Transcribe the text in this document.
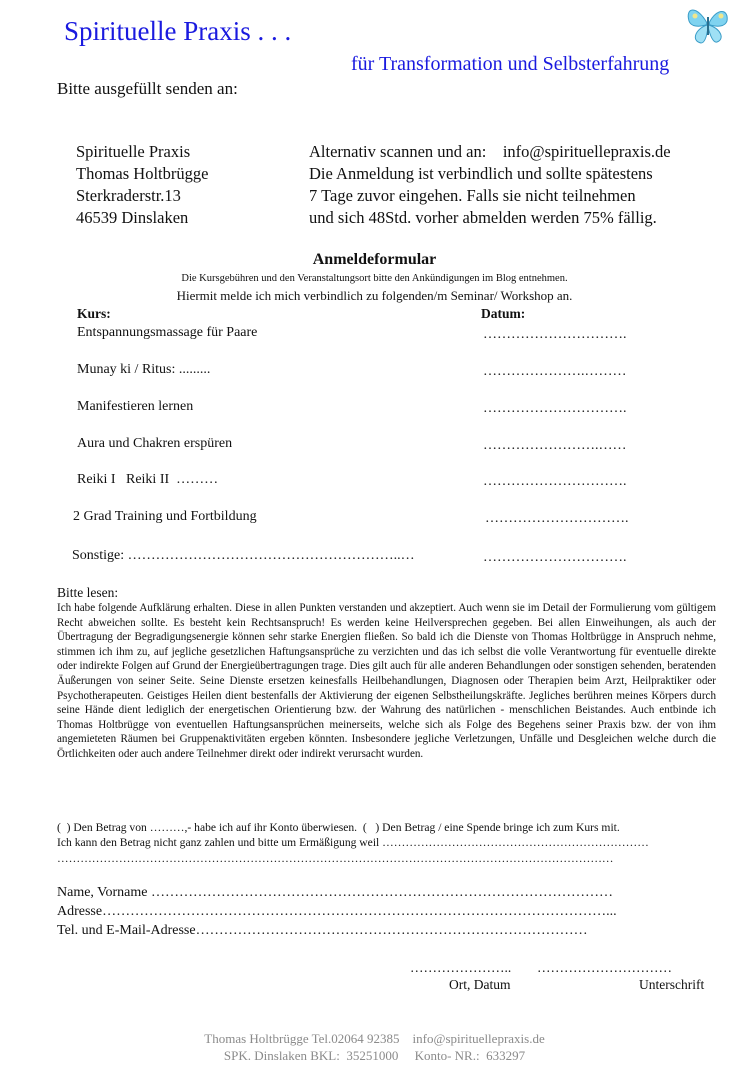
Spirituelle Praxis . . .
für Transformation und Selbsterfahrung
Bitte ausgefüllt senden an:
Spirituelle Praxis
Thomas Holtbrügge
Sterkraderstr.13
46539 Dinslaken
Alternativ scannen und an:    info@spirituellepraxis.de
Die Anmeldung ist verbindlich und sollte spätestens
7 Tage zuvor eingehen. Falls sie nicht teilnehmen
und sich 48Std. vorher abmelden werden 75% fällig.
Anmeldeformular
Die Kursgebühren und den Veranstaltungsort bitte den Ankündigungen im Blog entnehmen.
Hiermit melde ich mich verbindlich zu folgenden/m Seminar/ Workshop an.
Kurs:	Datum:
Entspannungsmassage für Paare	………………………….
Munay ki / Ritus: .........	………………….………
Manifestieren lernen	………………………….
Aura und Chakren erspüren	…………………….……
Reiki I   Reiki II  ………	………………………….
2 Grad Training und Fortbildung	………………………….
Sonstige: …………………………………………………..…	………………………….
Bitte lesen:
Ich habe folgende Aufklärung erhalten. Diese in allen Punkten verstanden und akzeptiert. Auch wenn sie im Detail der Formulierung vom gültigem Recht abweichen sollte. Es besteht kein Rechtsanspruch! Es werden keine Heilversprechen gegeben. Bei allen Einweihungen, als auch der Übertragung der Begradigungsenergie können sehr starke Energien fließen. So bald ich die Dienste von Thomas Holtbrügge in Anspruch nehme, stimmen ich ihm zu, auf jegliche gesetzlichen Haftungsansprüche zu verzichten und das ich selbst die volle Verantwortung für eventuelle direkte oder indirekte Folgen auf Grund der Energieübertragungen trage. Dies gilt auch für alle anderen Behandlungen oder sonstigen sehenden, beratenden Äußerungen von seiner Seite. Seine Dienste ersetzen keinesfalls Heilbehandlungen, Diagnosen oder Therapien beim Arzt, Heilpraktiker oder Psychotherapeuten. Geistiges Heilen dient bestenfalls der Aktivierung der eigenen Selbstheilungskräfte. Jegliches berühren meines Körpers durch seine Hände dient lediglich der energetischen Orientierung bzw. der Wahrung des natürlichen - menschlichen Beistandes. Auch entbinde ich Thomas Holtbrügge von eventuellen Haftungsansprüchen meinerseits, welche sich als Folge des Begehens seiner Praxis bzw. der von ihm angemieteten Räumen bei Gruppenaktivitäten ergeben könnten. Insbesondere jegliche Verletzungen, Unfälle und Desgleichen welche durch die Örtlichkeiten oder auch andere Teilnehmer direkt oder indirekt verursacht wurden.
(  ) Den Betrag von ………,- habe ich auf ihr Konto überwiesen.  (   ) Den Betrag / eine Spende bringe ich zum Kurs mit.
Ich kann den Betrag nicht ganz zahlen und bitte um Ermäßigung weil ……………………………………………………………
………………………………………………………………………………………………………………………………
Name, Vorname ………………………………………………………………………………………
Adresse………………………………………………………………………………………………...
Tel. und E-Mail-Adresse…………………………………………………………………………
………………….. …………………………
Ort, Datum	Unterschrift
Thomas Holtbrügge Tel.02064 92385    info@spirituellepraxis.de
SPK. Dinslaken BKL:  35251000     Konto- NR.:  633297
